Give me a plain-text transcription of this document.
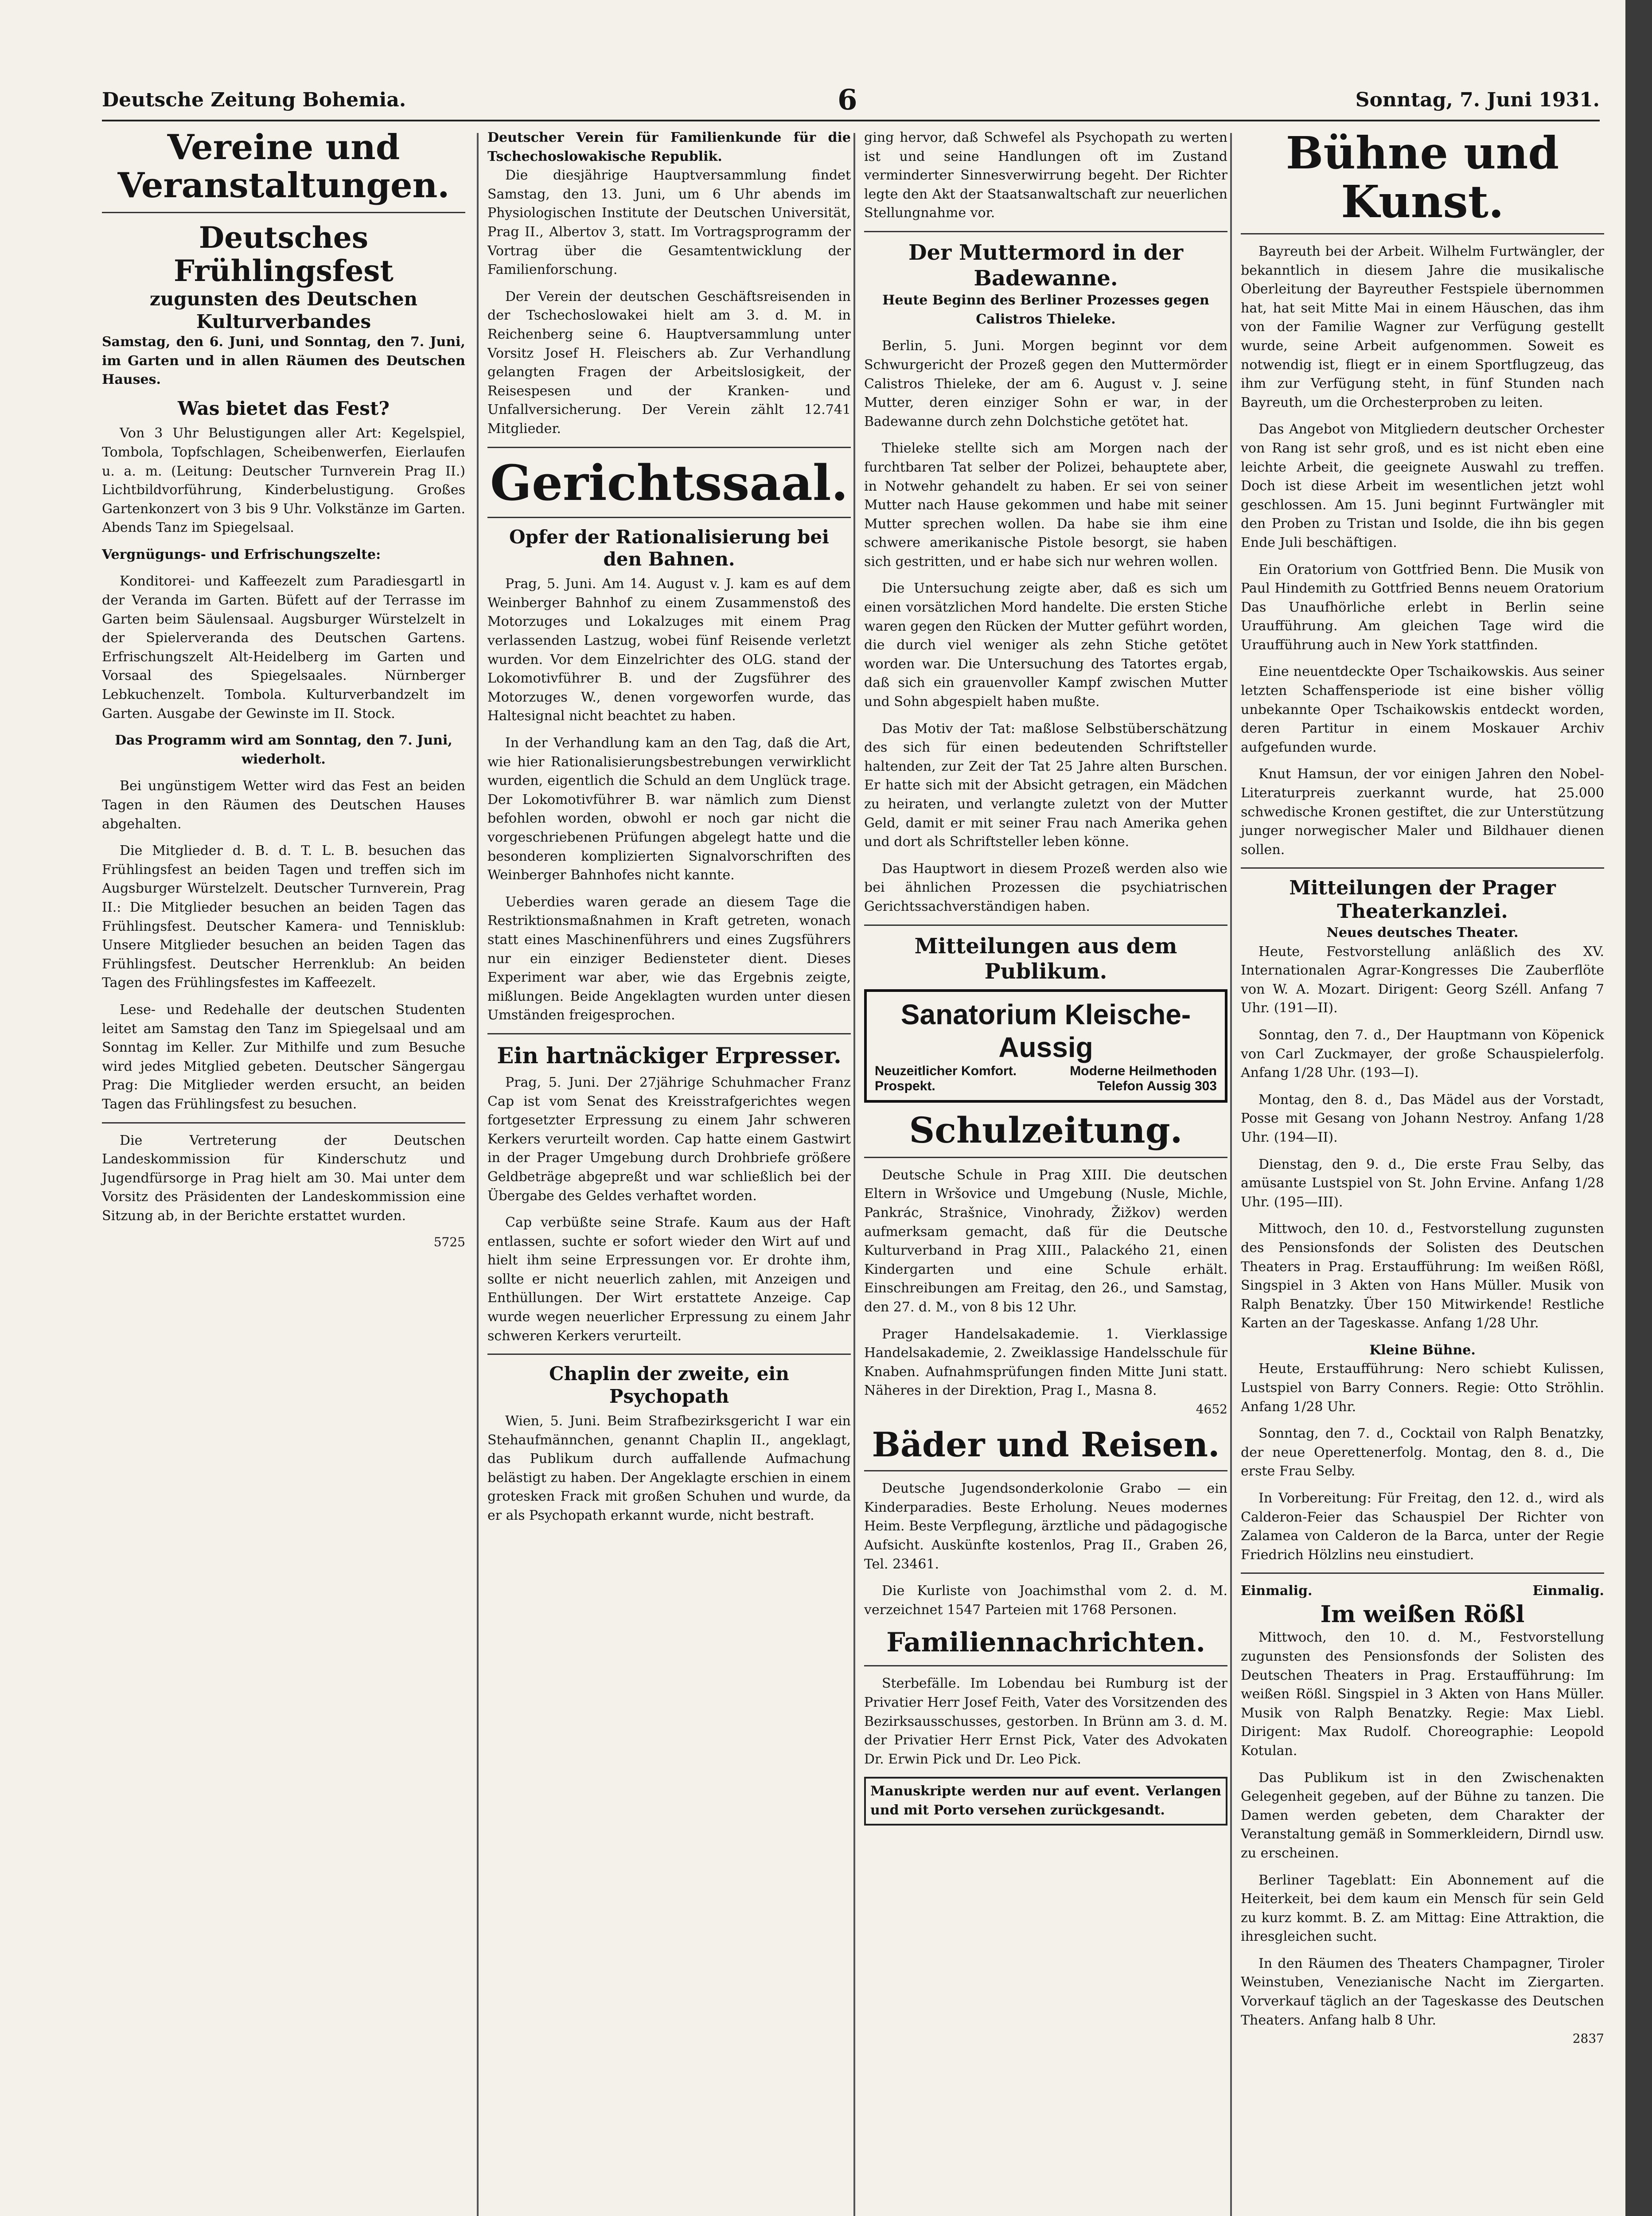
Deutsche Zeitung Bohemia.	6	Sonntag, 7. Juni 1931.
Vereine und Veranstaltungen.
Deutsches Frühlingsfest
zugunsten des Deutschen Kulturverbandes

Samstag, den 6. Juni, und Sonntag, den 7. Juni, im Garten und in allen Räumen des Deutschen Hauses.

Was bietet das Fest?

Von 3 Uhr Belustigungen aller Art: Kegelspiel, Tombola, Topfschlagen, Scheibenwerfen, Eierlaufen u. a. m. (Leitung: Deutscher Turnverein Prag II.) Lichtbildvorführung, Kinderbelustigung. Großes Gartenkonzert von 3 bis 9 Uhr. Volkstänze im Garten. Abends Tanz im Spiegelsaal.

Vergnügungs- und Erfrischungszelte:

Konditorei- und Kaffeezelt zum Paradiesgartl in der Veranda im Garten. Büfett auf der Terrasse im Garten beim Säulensaal. Augsburger Würstelzelt in der Spielerveranda des Deutschen Gartens. Erfrischungszelt Alt-Heidelberg im Garten und Vorsaal des Spiegelsaales. Nürnberger Lebkuchenzelt. Tombola. Kulturverbandzelt im Garten. Ausgabe der Gewinste im II. Stock.

Das Programm wird am Sonntag, den 7. Juni, wiederholt.

Bei ungünstigem Wetter wird das Fest an beiden Tagen in den Räumen des Deutschen Hauses abgehalten.

Die Mitglieder d. B. d. T. L. B. besuchen das Frühlingsfest an beiden Tagen und treffen sich im Augsburger Würstelzelt. Deutscher Turnverein, Prag II.: Die Mitglieder besuchen an beiden Tagen das Frühlingsfest. Deutscher Kamera- und Tennisklub: Unsere Mitglieder besuchen an beiden Tagen das Frühlingsfest. Deutscher Herrenklub: An beiden Tagen des Frühlingsfestes im Kaffeezelt.

Lese- und Redehalle der deutschen Studenten leitet am Samstag den Tanz im Spiegelsaal und am Sonntag im Keller. Zur Mithilfe und zum Besuche wird jedes Mitglied gebeten. Deutscher Sängergau Prag: Die Mitglieder werden ersucht, an beiden Tagen das Frühlingsfest zu besuchen.

Die Vertreterung der Deutschen Landeskommission für Kinderschutz und Jugendfürsorge in Prag hielt am 30. Mai unter dem Vorsitz des Präsidenten der Landeskommission eine Sitzung ab, in der Berichte erstattet wurden.

5725

Deutscher Verein für Familienkunde für die Tschechoslowakische Republik.

Die diesjährige Hauptversammlung findet Samstag, den 13. Juni, um 6 Uhr abends im Physiologischen Institute der Deutschen Universität, Prag II., Albertov 3, statt. Im Vortragsprogramm der Vortrag über die Gesamtentwicklung der Familienforschung.

Der Verein der deutschen Geschäftsreisenden in der Tschechoslowakei hielt am 3. d. M. in Reichenberg seine 6. Hauptversammlung unter Vorsitz Josef H. Fleischers ab. Zur Verhandlung gelangten Fragen der Arbeitslosigkeit, der Reisespesen und der Kranken- und Unfallversicherung. Der Verein zählt 12.741 Mitglieder.

Gerichtssaal.
Opfer der Rationalisierung bei den Bahnen.

Prag, 5. Juni. Am 14. August v. J. kam es auf dem Weinberger Bahnhof zu einem Zusammenstoß des Motorzuges und Lokalzuges mit einem Prag verlassenden Lastzug, wobei fünf Reisende verletzt wurden. Vor dem Einzelrichter des OLG. stand der Lokomotivführer B. und der Zugsführer des Motorzuges W., denen vorgeworfen wurde, das Haltesignal nicht beachtet zu haben.

In der Verhandlung kam an den Tag, daß die Art, wie hier Rationalisierungsbestrebungen verwirklicht wurden, eigentlich die Schuld an dem Unglück trage. Der Lokomotivführer B. war nämlich zum Dienst befohlen worden, obwohl er noch gar nicht die vorgeschriebenen Prüfungen abgelegt hatte und die besonderen komplizierten Signalvorschriften des Weinberger Bahnhofes nicht kannte.

Ueberdies waren gerade an diesem Tage die Restriktionsmaßnahmen in Kraft getreten, wonach statt eines Maschinenführers und eines Zugsführers nur ein einziger Bediensteter dient. Dieses Experiment war aber, wie das Ergebnis zeigte, mißlungen. Beide Angeklagten wurden unter diesen Umständen freigesprochen.

Ein hartnäckiger Erpresser.

Prag, 5. Juni. Der 27jährige Schuhmacher Franz Cap ist vom Senat des Kreisstrafgerichtes wegen fortgesetzter Erpressung zu einem Jahr schweren Kerkers verurteilt worden. Cap hatte einem Gastwirt in der Prager Umgebung durch Drohbriefe größere Geldbeträge abgepreßt und war schließlich bei der Übergabe des Geldes verhaftet worden.

Cap verbüßte seine Strafe. Kaum aus der Haft entlassen, suchte er sofort wieder den Wirt auf und hielt ihm seine Erpressungen vor. Er drohte ihm, sollte er nicht neuerlich zahlen, mit Anzeigen und Enthüllungen. Der Wirt erstattete Anzeige. Cap wurde wegen neuerlicher Erpressung zu einem Jahr schweren Kerkers verurteilt.

Chaplin der zweite, ein Psychopath

Wien, 5. Juni. Beim Strafbezirksgericht I war ein Stehaufmännchen, genannt Chaplin II., angeklagt, das Publikum durch auffallende Aufmachung belästigt zu haben. Der Angeklagte erschien in einem grotesken Frack mit großen Schuhen und wurde, da er als Psychopath erkannt wurde, nicht bestraft.

ging hervor, daß Schwefel als Psychopath zu werten ist und seine Handlungen oft im Zustand verminderter Sinnesverwirrung begeht. Der Richter legte den Akt der Staatsanwaltschaft zur neuerlichen Stellungnahme vor.

Der Muttermord in der Badewanne.

Heute Beginn des Berliner Prozesses gegen Calistros Thieleke.

Berlin, 5. Juni. Morgen beginnt vor dem Schwurgericht der Prozeß gegen den Muttermörder Calistros Thieleke, der am 6. August v. J. seine Mutter, deren einziger Sohn er war, in der Badewanne durch zehn Dolchstiche getötet hat.

Thieleke stellte sich am Morgen nach der furchtbaren Tat selber der Polizei, behauptete aber, in Notwehr gehandelt zu haben. Er sei von seiner Mutter nach Hause gekommen und habe mit seiner Mutter sprechen wollen. Da habe sie ihm eine schwere amerikanische Pistole besorgt, sie haben sich gestritten, und er habe sich nur wehren wollen.

Die Untersuchung zeigte aber, daß es sich um einen vorsätzlichen Mord handelte. Die ersten Stiche waren gegen den Rücken der Mutter geführt worden, die durch viel weniger als zehn Stiche getötet worden war. Die Untersuchung des Tatortes ergab, daß sich ein grauenvoller Kampf zwischen Mutter und Sohn abgespielt haben mußte.

Das Motiv der Tat: maßlose Selbstüberschätzung des sich für einen bedeutenden Schriftsteller haltenden, zur Zeit der Tat 25 Jahre alten Burschen. Er hatte sich mit der Absicht getragen, ein Mädchen zu heiraten, und verlangte zuletzt von der Mutter Geld, damit er mit seiner Frau nach Amerika gehen und dort als Schriftsteller leben könne.

Das Hauptwort in diesem Prozeß werden also wie bei ähnlichen Prozessen die psychiatrischen Gerichtssachverständigen haben.

Mitteilungen aus dem Publikum.
Sanatorium Kleische-Aussig
Neuzeitlicher Komfort.	Moderne Heilmethoden
Prospekt.	Telefon Aussig 303
Schulzeitung.

Deutsche Schule in Prag XIII. Die deutschen Eltern in Wršovice und Umgebung (Nusle, Michle, Pankrác, Strašnice, Vinohrady, Žižkov) werden aufmerksam gemacht, daß für die Deutsche Kulturverband in Prag XIII., Palackého 21, einen Kindergarten und eine Schule erhält. Einschreibungen am Freitag, den 26., und Samstag, den 27. d. M., von 8 bis 12 Uhr.

Prager Handelsakademie. 1. Vierklassige Handelsakademie, 2. Zweiklassige Handelsschule für Knaben. Aufnahmsprüfungen finden Mitte Juni statt. Näheres in der Direktion, Prag I., Masna 8.

4652

Bäder und Reisen.

Deutsche Jugendsonderkolonie Grabo — ein Kinderparadies. Beste Erholung. Neues modernes Heim. Beste Verpflegung, ärztliche und pädagogische Aufsicht. Auskünfte kostenlos, Prag II., Graben 26, Tel. 23461.

Die Kurliste von Joachimsthal vom 2. d. M. verzeichnet 1547 Parteien mit 1768 Personen.

Familiennachrichten.

Sterbefälle. Im Lobendau bei Rumburg ist der Privatier Herr Josef Feith, Vater des Vorsitzenden des Bezirksausschusses, gestorben. In Brünn am 3. d. M. der Privatier Herr Ernst Pick, Vater des Advokaten Dr. Erwin Pick und Dr. Leo Pick.

Manuskripte werden nur auf event. Verlangen und mit Porto versehen zurückgesandt.

Bühne und Kunst.

Bayreuth bei der Arbeit. Wilhelm Furtwängler, der bekanntlich in diesem Jahre die musikalische Oberleitung der Bayreuther Festspiele übernommen hat, hat seit Mitte Mai in einem Häuschen, das ihm von der Familie Wagner zur Verfügung gestellt wurde, seine Arbeit aufgenommen. Soweit es notwendig ist, fliegt er in einem Sportflugzeug, das ihm zur Verfügung steht, in fünf Stunden nach Bayreuth, um die Orchesterproben zu leiten.

Das Angebot von Mitgliedern deutscher Orchester von Rang ist sehr groß, und es ist nicht eben eine leichte Arbeit, die geeignete Auswahl zu treffen. Doch ist diese Arbeit im wesentlichen jetzt wohl geschlossen. Am 15. Juni beginnt Furtwängler mit den Proben zu Tristan und Isolde, die ihn bis gegen Ende Juli beschäftigen.

Ein Oratorium von Gottfried Benn. Die Musik von Paul Hindemith zu Gottfried Benns neuem Oratorium Das Unaufhörliche erlebt in Berlin seine Uraufführung. Am gleichen Tage wird die Uraufführung auch in New York stattfinden.

Eine neuentdeckte Oper Tschaikowskis. Aus seiner letzten Schaffensperiode ist eine bisher völlig unbekannte Oper Tschaikowskis entdeckt worden, deren Partitur in einem Moskauer Archiv aufgefunden wurde.

Knut Hamsun, der vor einigen Jahren den Nobel-Literaturpreis zuerkannt wurde, hat 25.000 schwedische Kronen gestiftet, die zur Unterstützung junger norwegischer Maler und Bildhauer dienen sollen.

Mitteilungen der Prager Theaterkanzlei.

Neues deutsches Theater.

Heute, Festvorstellung anläßlich des XV. Internationalen Agrar-Kongresses Die Zauberflöte von W. A. Mozart. Dirigent: Georg Széll. Anfang 7 Uhr. (191—II).

Sonntag, den 7. d., Der Hauptmann von Köpenick von Carl Zuckmayer, der große Schauspielerfolg. Anfang 1/28 Uhr. (193—I).

Montag, den 8. d., Das Mädel aus der Vorstadt, Posse mit Gesang von Johann Nestroy. Anfang 1/28 Uhr. (194—II).

Dienstag, den 9. d., Die erste Frau Selby, das amüsante Lustspiel von St. John Ervine. Anfang 1/28 Uhr. (195—III).

Mittwoch, den 10. d., Festvorstellung zugunsten des Pensionsfonds der Solisten des Deutschen Theaters in Prag. Erstaufführung: Im weißen Rößl, Singspiel in 3 Akten von Hans Müller. Musik von Ralph Benatzky. Über 150 Mitwirkende! Restliche Karten an der Tageskasse. Anfang 1/28 Uhr.

Kleine Bühne.

Heute, Erstaufführung: Nero schiebt Kulissen, Lustspiel von Barry Conners. Regie: Otto Ströhlin. Anfang 1/28 Uhr.

Sonntag, den 7. d., Cocktail von Ralph Benatzky, der neue Operettenerfolg. Montag, den 8. d., Die erste Frau Selby.

In Vorbereitung: Für Freitag, den 12. d., wird als Calderon-Feier das Schauspiel Der Richter von Zalamea von Calderon de la Barca, unter der Regie Friedrich Hölzlins neu einstudiert.

Einmalig.	Einmalig.

Im weißen Rößl

Mittwoch, den 10. d. M., Festvorstellung zugunsten des Pensionsfonds der Solisten des Deutschen Theaters in Prag. Erstaufführung: Im weißen Rößl. Singspiel in 3 Akten von Hans Müller. Musik von Ralph Benatzky. Regie: Max Liebl. Dirigent: Max Rudolf. Choreographie: Leopold Kotulan.

Das Publikum ist in den Zwischenakten Gelegenheit gegeben, auf der Bühne zu tanzen. Die Damen werden gebeten, dem Charakter der Veranstaltung gemäß in Sommerkleidern, Dirndl usw. zu erscheinen.

Berliner Tageblatt: Ein Abonnement auf die Heiterkeit, bei dem kaum ein Mensch für sein Geld zu kurz kommt. B. Z. am Mittag: Eine Attraktion, die ihresgleichen sucht.

In den Räumen des Theaters Champagner, Tiroler Weinstuben, Venezianische Nacht im Ziergarten. Vorverkauf täglich an der Tageskasse des Deutschen Theaters. Anfang halb 8 Uhr.

2837
